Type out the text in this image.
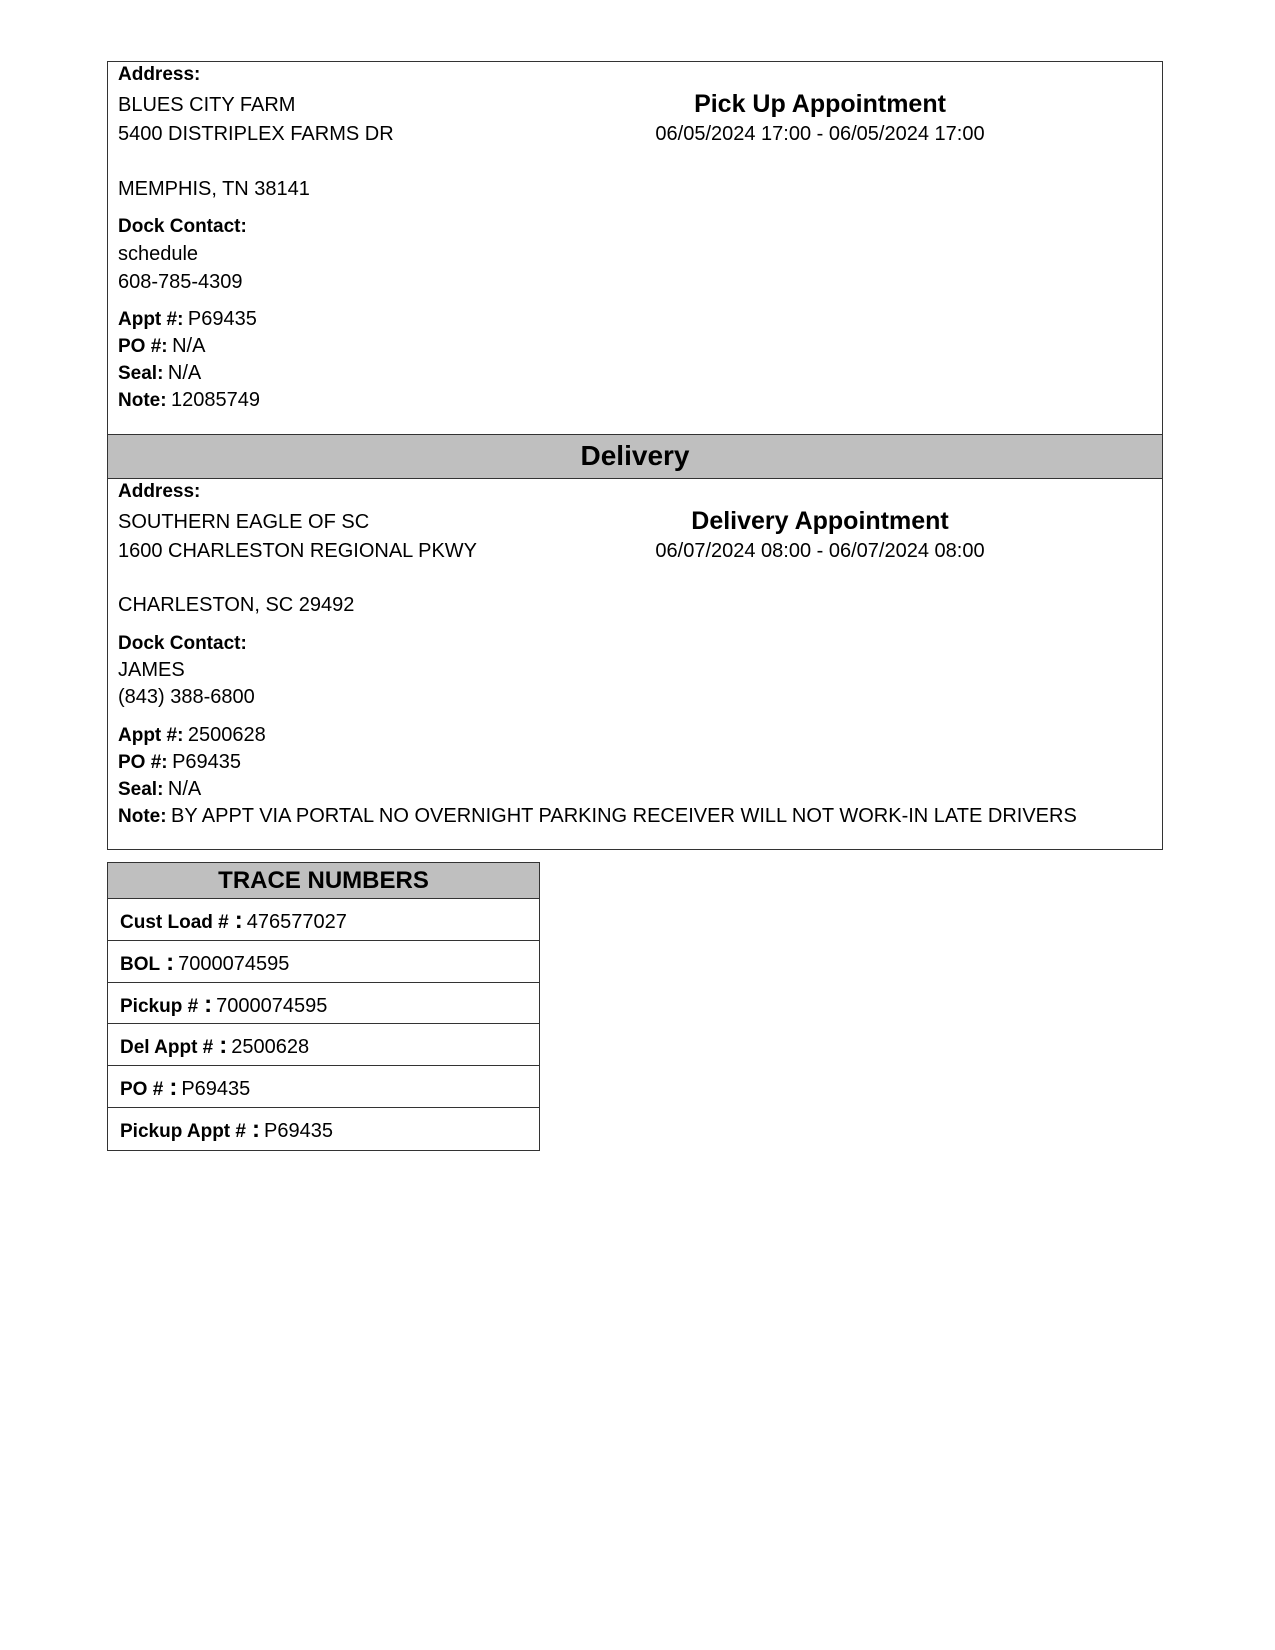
Address:
BLUES CITY FARM
5400 DISTRIPLEX FARMS DR
MEMPHIS, TN 38141
Pick Up Appointment
06/05/2024 17:00 - 06/05/2024 17:00
Dock Contact:
schedule
608-785-4309
Appt #: P69435
PO #: N/A
Seal: N/A
Note: 12085749
Delivery
Address:
SOUTHERN EAGLE OF SC
1600 CHARLESTON REGIONAL PKWY
CHARLESTON, SC 29492
Delivery Appointment
06/07/2024 08:00 - 06/07/2024 08:00
Dock Contact:
JAMES
(843) 388-6800
Appt #: 2500628
PO #: P69435
Seal: N/A
Note: BY APPT VIA PORTAL NO OVERNIGHT PARKING RECEIVER WILL NOT WORK-IN LATE DRIVERS
TRACE NUMBERS
Cust Load # : 476577027
BOL : 7000074595
Pickup # : 7000074595
Del Appt # : 2500628
PO # : P69435
Pickup Appt # : P69435
